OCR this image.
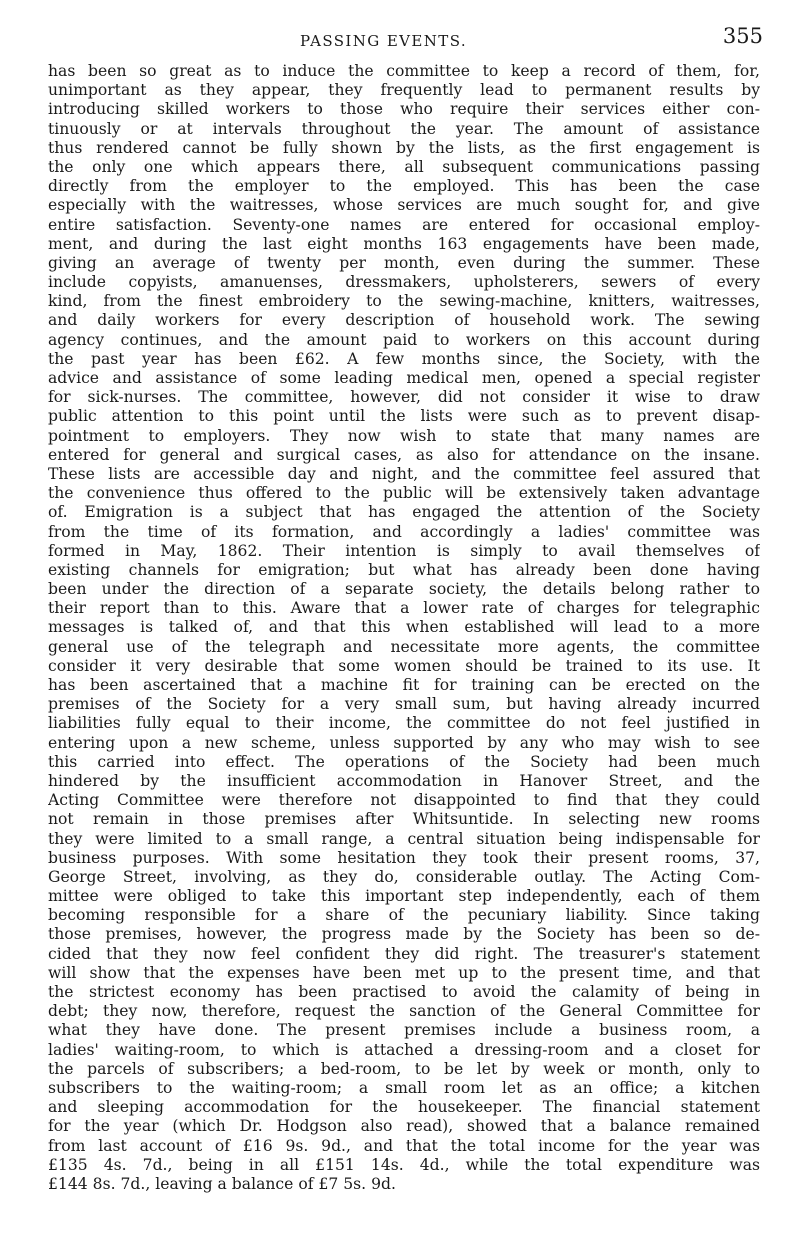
PASSING EVENTS.	355
has been so great as to induce the committee to keep a record of them, for,
unimportant as they appear, they frequently lead to permanent results by
introducing skilled workers to those who require their services either con-
tinuously or at intervals throughout the year. The amount of assistance
thus rendered cannot be fully shown by the lists, as the first engagement is
the only one which appears there, all subsequent communications passing
directly from the employer to the employed. This has been the case
especially with the waitresses, whose services are much sought for, and give
entire satisfaction. Seventy-one names are entered for occasional employ-
ment, and during the last eight months 163 engagements have been made,
giving an average of twenty per month, even during the summer. These
include copyists, amanuenses, dressmakers, upholsterers, sewers of every
kind, from the finest embroidery to the sewing-machine, knitters, waitresses,
and daily workers for every description of household work. The sewing
agency continues, and the amount paid to workers on this account during
the past year has been £62. A few months since, the Society, with the
advice and assistance of some leading medical men, opened a special register
for sick-nurses. The committee, however, did not consider it wise to draw
public attention to this point until the lists were such as to prevent disap-
pointment to employers. They now wish to state that many names are
entered for general and surgical cases, as also for attendance on the insane.
These lists are accessible day and night, and the committee feel assured that
the convenience thus offered to the public will be extensively taken advantage
of. Emigration is a subject that has engaged the attention of the Society
from the time of its formation, and accordingly a ladies' committee was
formed in May, 1862. Their intention is simply to avail themselves of
existing channels for emigration; but what has already been done having
been under the direction of a separate society, the details belong rather to
their report than to this. Aware that a lower rate of charges for telegraphic
messages is talked of, and that this when established will lead to a more
general use of the telegraph and necessitate more agents, the committee
consider it very desirable that some women should be trained to its use. It
has been ascertained that a machine fit for training can be erected on the
premises of the Society for a very small sum, but having already incurred
liabilities fully equal to their income, the committee do not feel justified in
entering upon a new scheme, unless supported by any who may wish to see
this carried into effect. The operations of the Society had been much
hindered by the insufficient accommodation in Hanover Street, and the
Acting Committee were therefore not disappointed to find that they could
not remain in those premises after Whitsuntide. In selecting new rooms
they were limited to a small range, a central situation being indispensable for
business purposes. With some hesitation they took their present rooms, 37,
George Street, involving, as they do, considerable outlay. The Acting Com-
mittee were obliged to take this important step independently, each of them
becoming responsible for a share of the pecuniary liability. Since taking
those premises, however, the progress made by the Society has been so de-
cided that they now feel confident they did right. The treasurer's statement
will show that the expenses have been met up to the present time, and that
the strictest economy has been practised to avoid the calamity of being in
debt; they now, therefore, request the sanction of the General Committee for
what they have done. The present premises include a business room, a
ladies' waiting-room, to which is attached a dressing-room and a closet for
the parcels of subscribers; a bed-room, to be let by week or month, only to
subscribers to the waiting-room; a small room let as an office; a kitchen
and sleeping accommodation for the housekeeper. The financial statement
for the year (which Dr. Hodgson also read), showed that a balance remained
from last account of £16 9s. 9d., and that the total income for the year was
£135 4s. 7d., being in all £151 14s. 4d., while the total expenditure was
£144 8s. 7d., leaving a balance of £7 5s. 9d.
